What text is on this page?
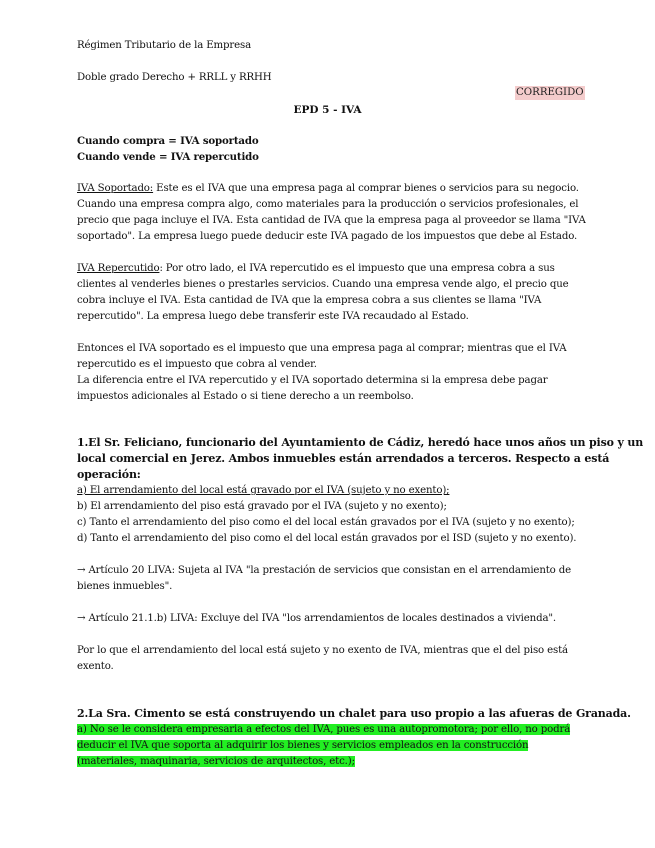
Régimen Tributario de la Empresa
Doble grado Derecho + RRLL y RRHH
CORREGIDO
EPD 5 - IVA
Cuando compra = IVA soportado
Cuando vende = IVA repercutido
IVA Soportado: Este es el IVA que una empresa paga al comprar bienes o servicios para su negocio.
Cuando una empresa compra algo, como materiales para la producción o servicios profesionales, el
precio que paga incluye el IVA. Esta cantidad de IVA que la empresa paga al proveedor se llama "IVA
soportado". La empresa luego puede deducir este IVA pagado de los impuestos que debe al Estado.
IVA Repercutido: Por otro lado, el IVA repercutido es el impuesto que una empresa cobra a sus
clientes al venderles bienes o prestarles servicios. Cuando una empresa vende algo, el precio que
cobra incluye el IVA. Esta cantidad de IVA que la empresa cobra a sus clientes se llama "IVA
repercutido". La empresa luego debe transferir este IVA recaudado al Estado.
Entonces el IVA soportado es el impuesto que una empresa paga al comprar; mientras que el IVA
repercutido es el impuesto que cobra al vender.
La diferencia entre el IVA repercutido y el IVA soportado determina si la empresa debe pagar
impuestos adicionales al Estado o si tiene derecho a un reembolso.
1.El Sr. Feliciano, funcionario del Ayuntamiento de Cádiz, heredó hace unos años un piso y un
local comercial en Jerez. Ambos inmuebles están arrendados a terceros. Respecto a está
operación:
a) El arrendamiento del local está gravado por el IVA (sujeto y no exento);
b) El arrendamiento del piso está gravado por el IVA (sujeto y no exento);
c) Tanto el arrendamiento del piso como el del local están gravados por el IVA (sujeto y no exento);
d) Tanto el arrendamiento del piso como el del local están gravados por el ISD (sujeto y no exento).
→ Artículo 20 LIVA: Sujeta al IVA "la prestación de servicios que consistan en el arrendamiento de
bienes inmuebles".
→ Artículo 21.1.b) LIVA: Excluye del IVA "los arrendamientos de locales destinados a vivienda".
Por lo que el arrendamiento del local está sujeto y no exento de IVA, mientras que el del piso está
exento.
2.La Sra. Cimento se está construyendo un chalet para uso propio a las afueras de Granada.
a) No se le considera empresaria a efectos del IVA, pues es una autopromotora; por ello, no podrá
deducir el IVA que soporta al adquirir los bienes y servicios empleados en la construcción
(materiales, maquinaria, servicios de arquitectos, etc.);
